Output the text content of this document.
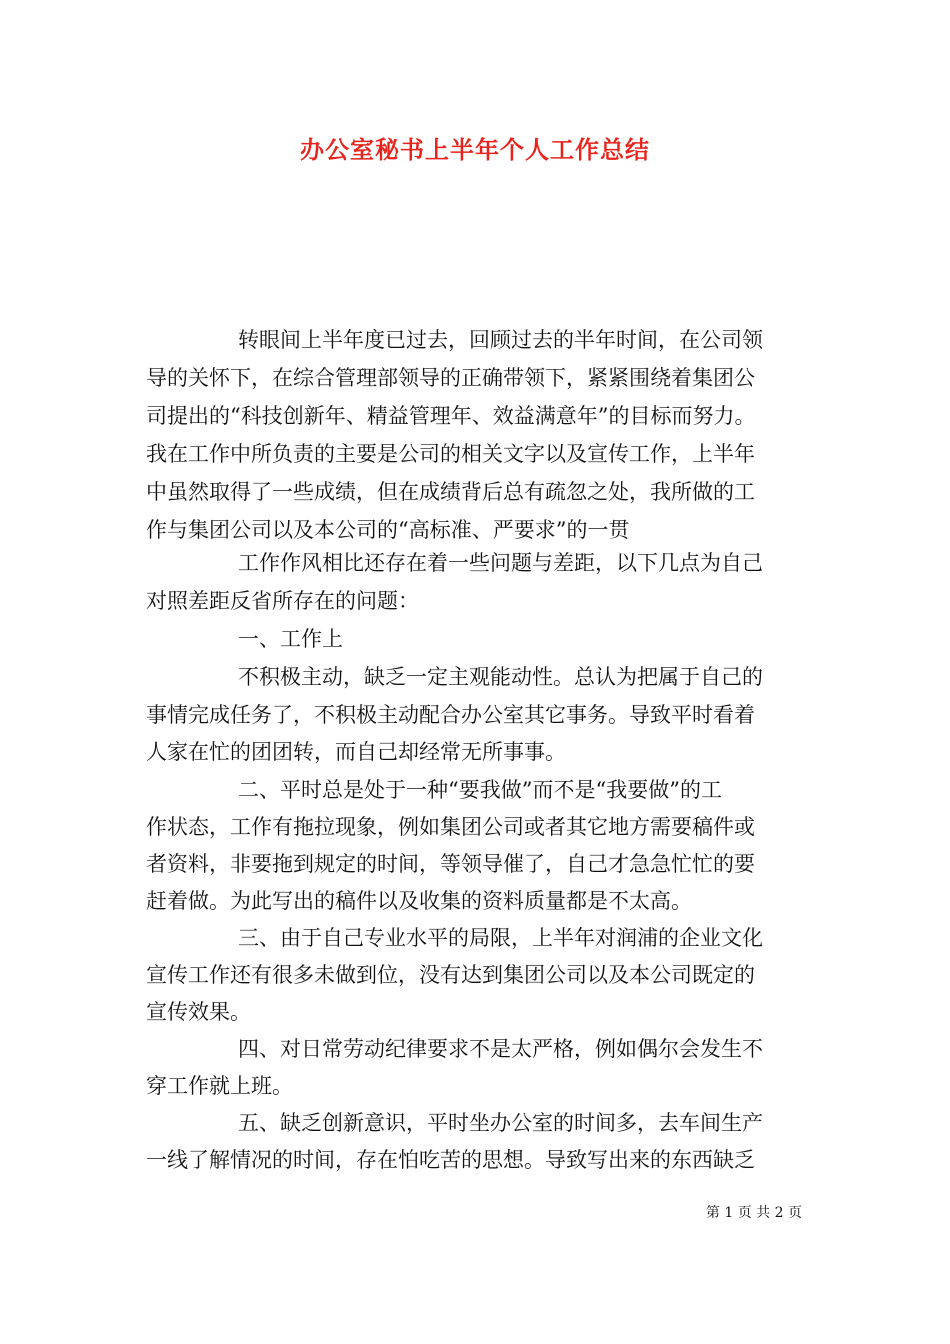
办公室秘书上半年个人工作总结
转眼间上半年度已过去，回顾过去的半年时间，在公司领
导的关怀下，在综合管理部领导的正确带领下，紧紧围绕着集团公
司提出的“科技创新年、精益管理年、效益满意年”的目标而努力。
我在工作中所负责的主要是公司的相关文字以及宣传工作，上半年
中虽然取得了一些成绩，但在成绩背后总有疏忽之处，我所做的工
作与集团公司以及本公司的“高标准、严要求”的一贯
工作作风相比还存在着一些问题与差距，以下几点为自己
对照差距反省所存在的问题：
一、工作上
不积极主动，缺乏一定主观能动性。总认为把属于自己的
事情完成任务了，不积极主动配合办公室其它事务。导致平时看着
人家在忙的团团转，而自己却经常无所事事。
二、平时总是处于一种“要我做”而不是“我要做”的工
作状态，工作有拖拉现象，例如集团公司或者其它地方需要稿件或
者资料，非要拖到规定的时间，等领导催了，自己才急急忙忙的要
赶着做。为此写出的稿件以及收集的资料质量都是不太高。
三、由于自己专业水平的局限，上半年对润浦的企业文化
宣传工作还有很多未做到位，没有达到集团公司以及本公司既定的
宣传效果。
四、对日常劳动纪律要求不是太严格，例如偶尔会发生不
穿工作就上班。
五、缺乏创新意识，平时坐办公室的时间多，去车间生产
一线了解情况的时间，存在怕吃苦的思想。导致写出来的东西缺乏
第 1 页 共 2 页
